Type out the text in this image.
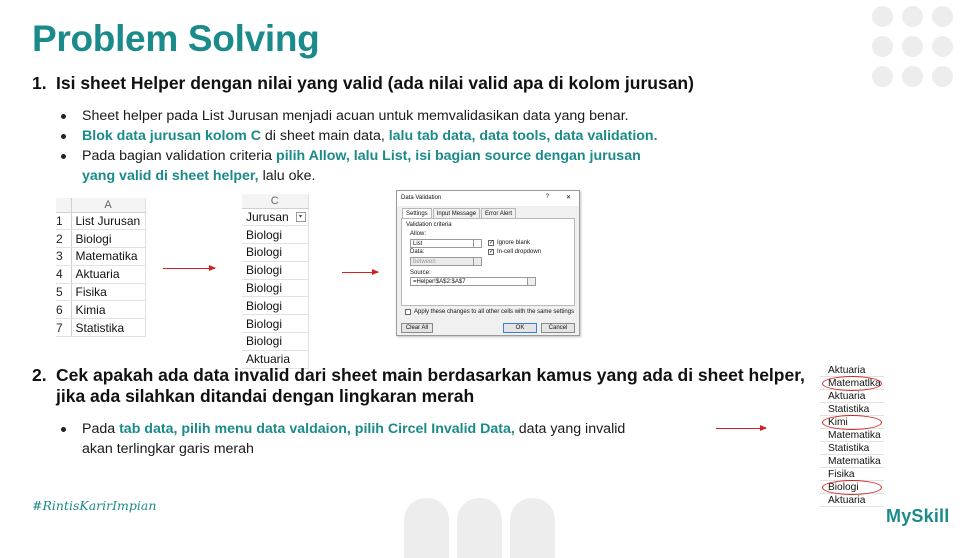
Problem Solving
1. Isi sheet Helper dengan nilai yang valid (ada nilai valid apa di kolom jurusan)
Sheet helper pada List Jurusan menjadi acuan untuk memvalidasikan data yang benar.
Blok data jurusan kolom C di sheet main data, lalu tab data, data tools, data validation.
Pada bagian validation criteria pilih Allow, lalu List, isi bagian source dengan jurusan
yang valid di sheet helper, lalu oke.
	A
1	List Jurusan
2	Biologi
3	Matematika
4	Aktuaria
5	Fisika
6	Kimia
7	Statistika
C
Jurusan	▾

Biologi
Biologi
Biologi
Biologi
Biologi
Biologi
Biologi
Aktuaria
Data Validation	?	✕
Settings	Input Message	Error Alert
Validation criteria
Allow:
List	✓ Ignore blank
Data:	✓ In-cell dropdown
between
Source:
=Helper!$A$2:$A$7
Apply these changes to all other cells with the same settings
Clear All	OK	Cancel
2. Cek apakah ada data invalid dari sheet main berdasarkan kamus yang ada di sheet helper,
jika ada silahkan ditandai dengan lingkaran merah
Pada tab data, pilih menu data valdaion, pilih Circel Invalid Data, data yang invalid
akan terlingkar garis merah
Aktuaria
Matematlka
Aktuaria
Statistika
Kimi
Matematika
Statistika
Matematika
Fisika
Biologi
Aktuaria
#RintisKarirImpian
MySkill
